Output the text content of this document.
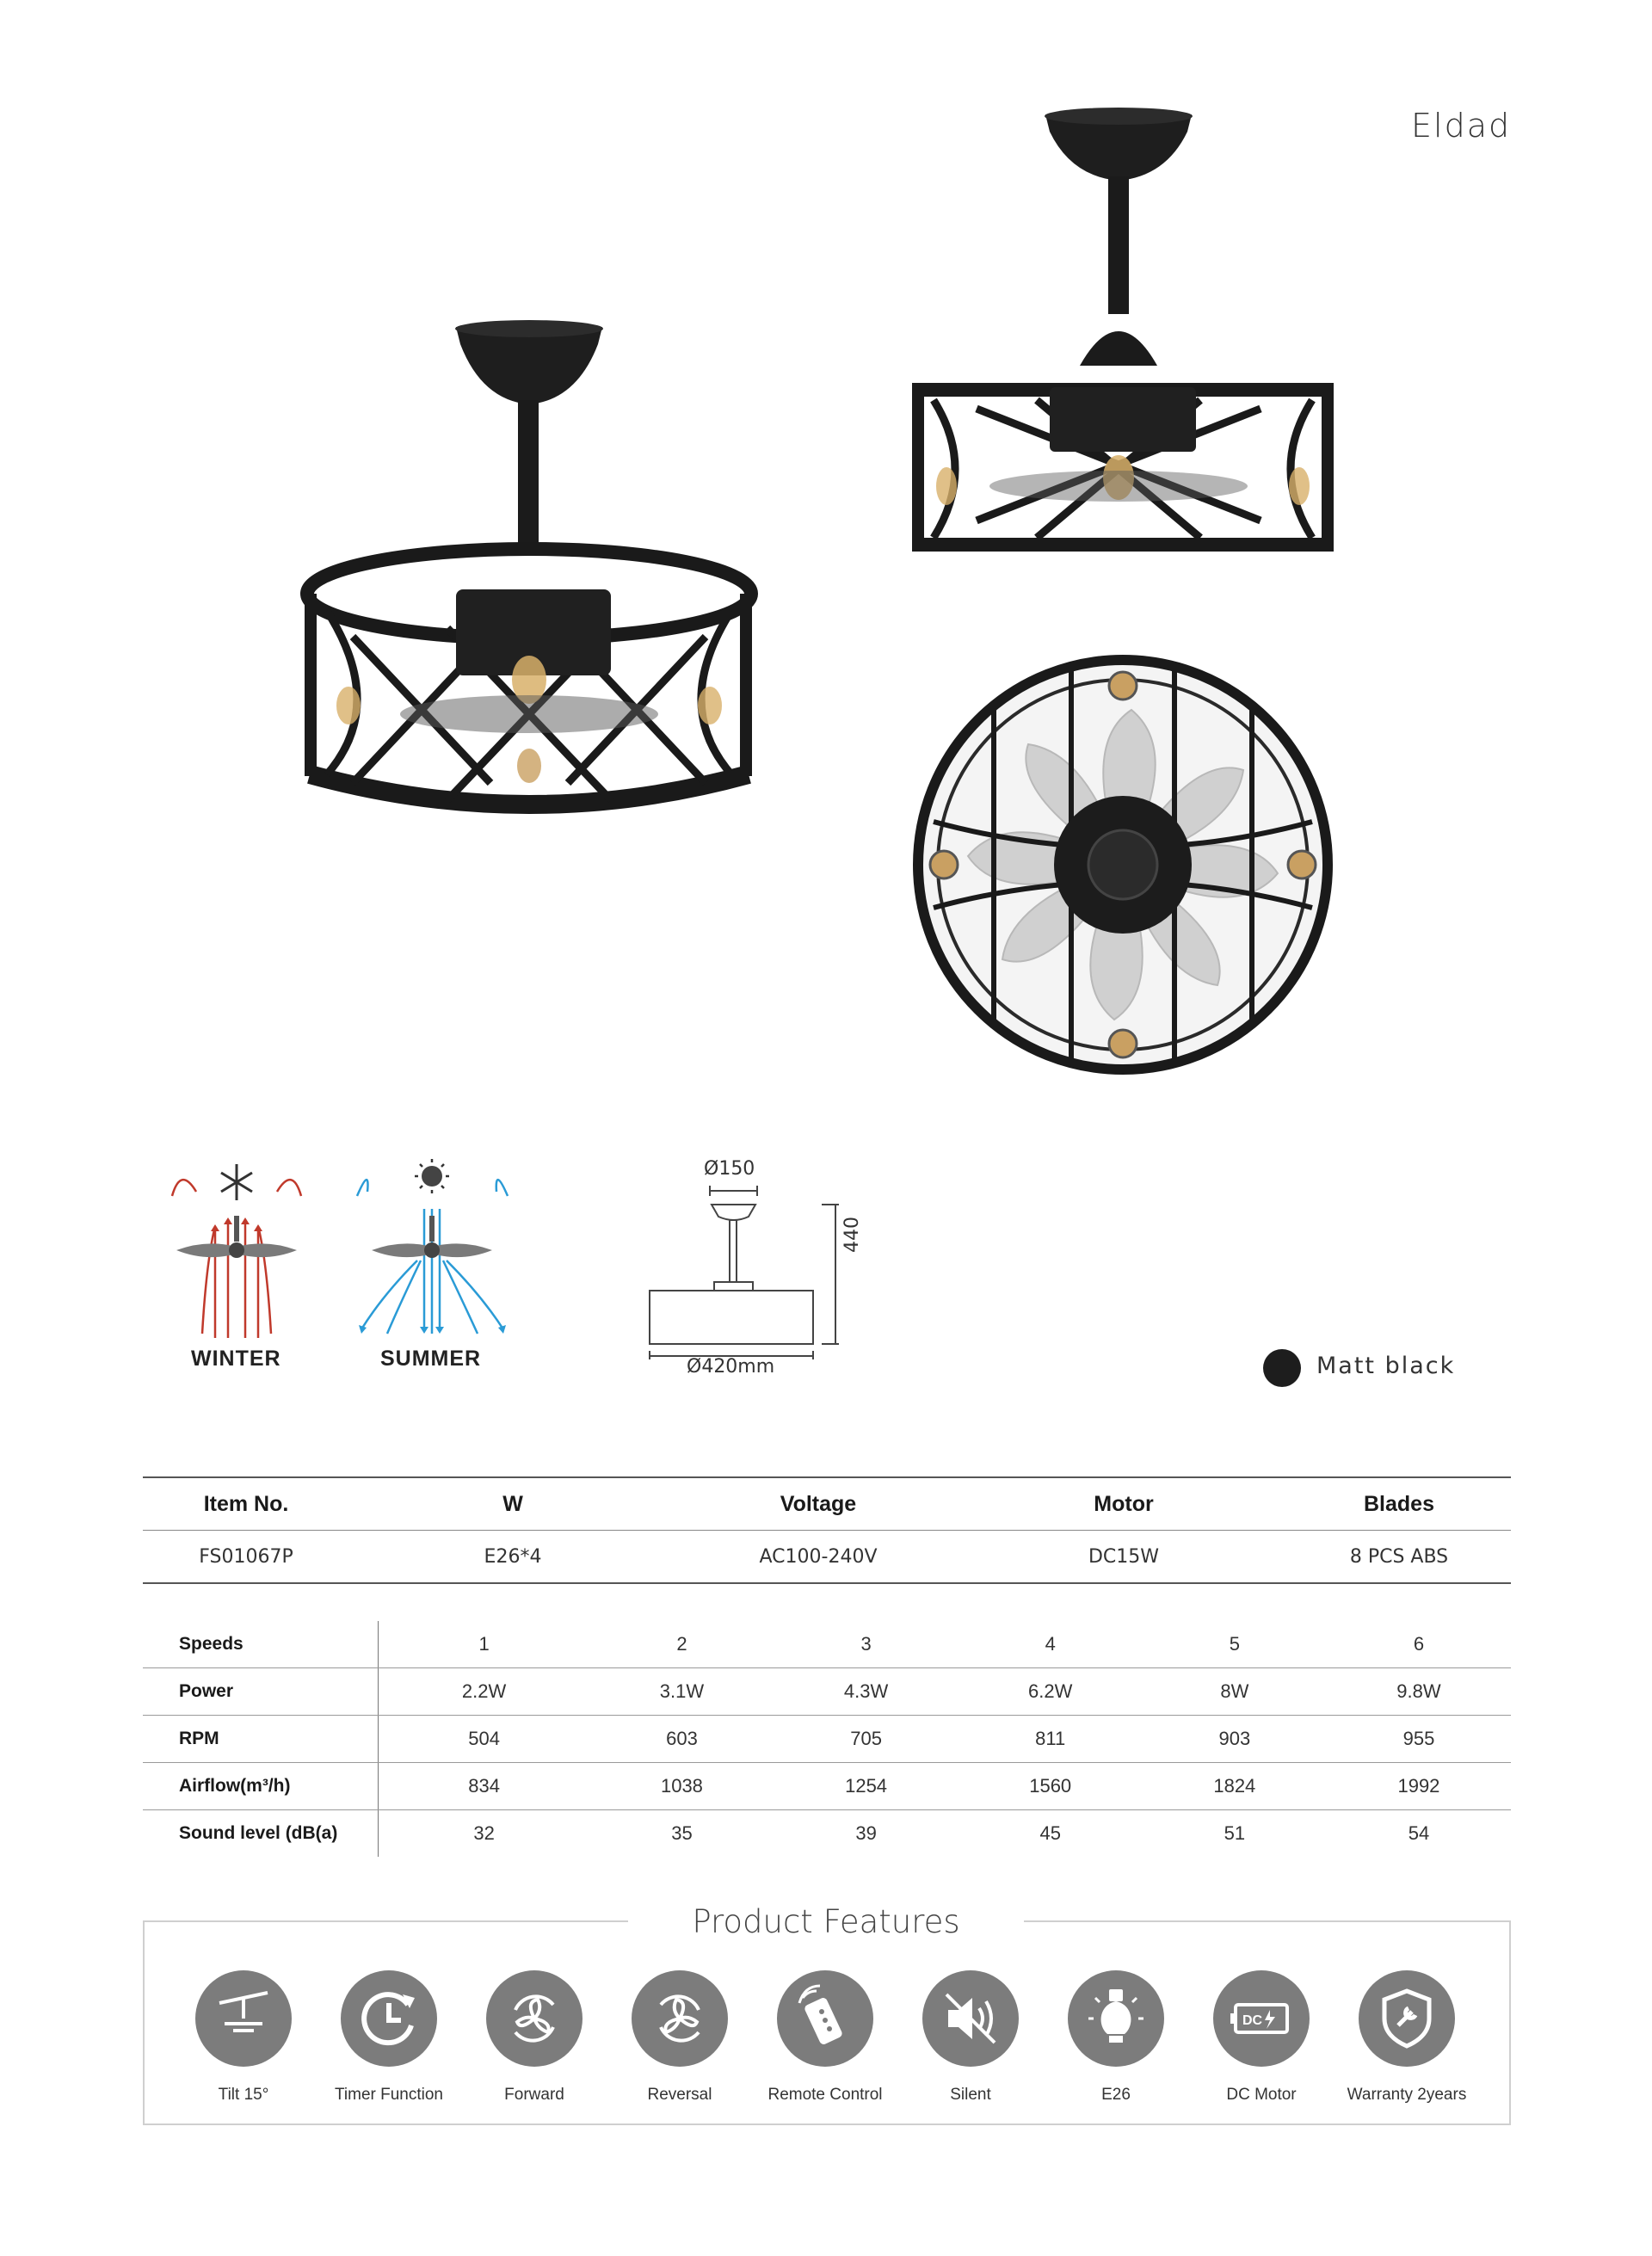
Eldad
WINTER	SUMMER
Ø150
440
Ø420mm	Matt black
Item No.	W	Voltage	Motor	Blades
FS01067P	E26*4	AC100-240V	DC15W	8 PCS ABS
Speeds	1	2	3	4	5	6
Power	2.2W	3.1W	4.3W	6.2W	8W	9.8W
RPM	504	603	705	811	903	955
Airflow(m³/h)	834	1038	1254	1560	1824	1992
Sound level (dB(a)	32	35	39	45	51	54
Product Features
Tilt 15°	Timer Function	Forward	Reversal	Remote Control	Silent	E26
DC
DC Motor	Warranty 2years
